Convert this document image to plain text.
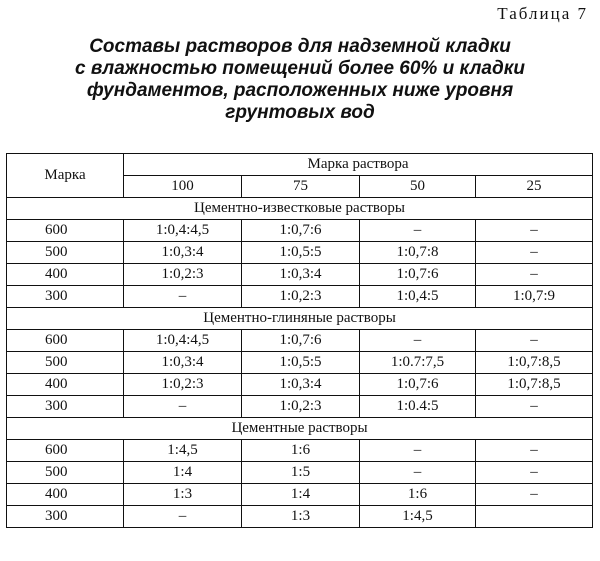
Таблица 7
Составы растворов для надземной кладки
с влажностью помещений более 60% и кладки
фундаментов, расположенных ниже уровня
грунтовых вод
Марка	Марка раствора			
	100	75	50	25
Цементно-известковые растворы				
600	1:0,4:4,5	1:0,7:6	–	–
500	1:0,3:4	1:0,5:5	1:0,7:8	–
400	1:0,2:3	1:0,3:4	1:0,7:6	–
300	–	1:0,2:3	1:0,4:5	1:0,7:9
Цементно-глиняные растворы				
600	1:0,4:4,5	1:0,7:6	–	–
500	1:0,3:4	1:0,5:5	1:0.7:7,5	1:0,7:8,5
400	1:0,2:3	1:0,3:4	1:0,7:6	1:0,7:8,5
300	–	1:0,2:3	1:0.4:5	–
Цементные растворы				
600	1:4,5	1:6	–	–
500	1:4	1:5	–	–
400	1:3	1:4	1:6	–
300	–	1:3	1:4,5	
